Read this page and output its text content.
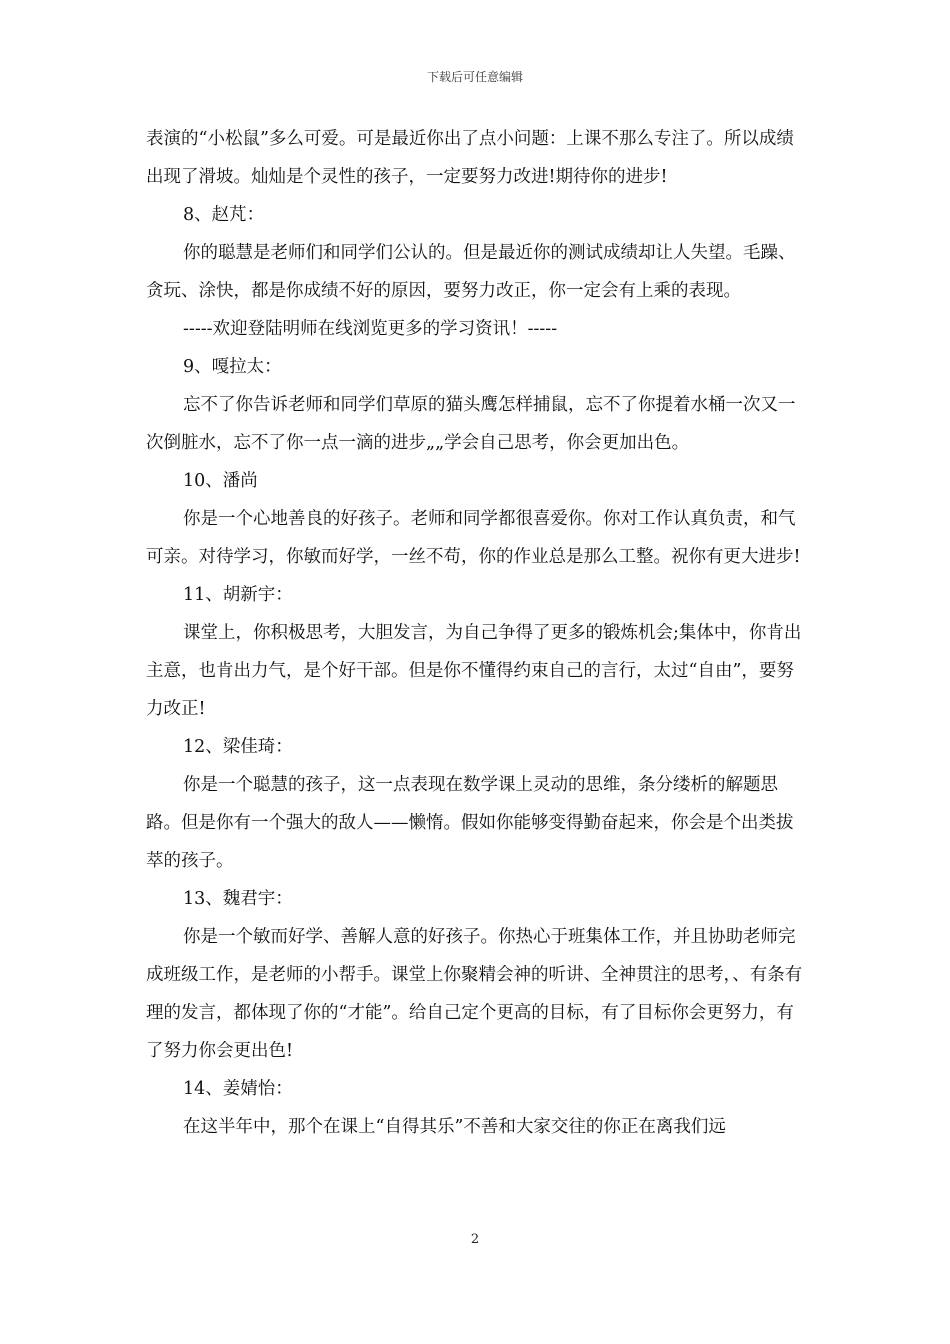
下载后可任意编辑

表演的“小松鼠”多么可爱。可是最近你出了点小问题：上课不那么专注了。所以成绩出现了滑坡。灿灿是个灵性的孩子，一定要努力改进!期待你的进步!

8、赵芃：

你的聪慧是老师们和同学们公认的。但是最近你的测试成绩却让人失望。毛躁、贪玩、涂快，都是你成绩不好的原因，要努力改正，你一定会有上乘的表现。

-----欢迎登陆明师在线浏览更多的学习资讯！-----

9、嘎拉太：

忘不了你告诉老师和同学们草原的猫头鹰怎样捕鼠，忘不了你提着水桶一次又一次倒脏水，忘不了你一点一滴的进步„„学会自己思考，你会更加出色。

10、潘尚

你是一个心地善良的好孩子。老师和同学都很喜爱你。你对工作认真负责，和气可亲。对待学习，你敏而好学，一丝不苟，你的作业总是那么工整。祝你有更大进步!

11、胡新宇：

课堂上，你积极思考，大胆发言，为自己争得了更多的锻炼机会;集体中，你肯出主意，也肯出力气，是个好干部。但是你不懂得约束自己的言行，太过“自由”，要努力改正!

12、梁佳琦：

你是一个聪慧的孩子，这一点表现在数学课上灵动的思维，条分缕析的解题思路。但是你有一个强大的敌人——懒惰。假如你能够变得勤奋起来，你会是个出类拔萃的孩子。

13、魏君宇：

你是一个敏而好学、善解人意的好孩子。你热心于班集体工作，并且协助老师完成班级工作，是老师的小帮手。课堂上你聚精会神的听讲、全神贯注的思考，、有条有理的发言，都体现了你的“才能”。给自己定个更高的目标，有了目标你会更努力，有了努力你会更出色!

14、姜婧怡：

在这半年中，那个在课上“自得其乐”不善和大家交往的你正在离我们远

2
